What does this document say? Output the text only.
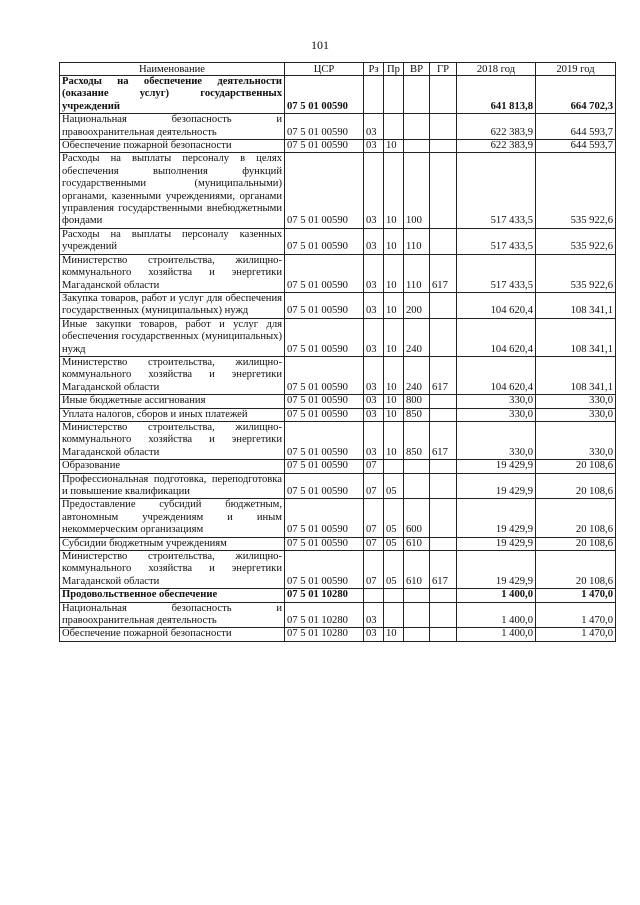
101
Наименование	ЦСР	Рз	Пр	ВР	ГР	2018 год	2019 год
Расходы на обеспечение деятельности (оказание услуг) государственных учреждений	07 5 01 00590					641 813,8	664 702,3
Национальная безопасность и правоохранительная деятельность	07 5 01 00590	03				622 383,9	644 593,7
Обеспечение пожарной безопасности	07 5 01 00590	03	10			622 383,9	644 593,7
Расходы на выплаты персоналу в целях обеспечения выполнения функций государственными (муниципальными) органами, казенными учреждениями, органами управления государственными внебюджетными фондами	07 5 01 00590	03	10	100		517 433,5	535 922,6
Расходы на выплаты персоналу казенных учреждений	07 5 01 00590	03	10	110		517 433,5	535 922,6
Министерство строительства, жилищно-коммунального хозяйства и энергетики Магаданской области	07 5 01 00590	03	10	110	617	517 433,5	535 922,6
Закупка товаров, работ и услуг для обеспечения государственных (муниципальных) нужд	07 5 01 00590	03	10	200		104 620,4	108 341,1
Иные закупки товаров, работ и услуг для обеспечения государственных (муниципальных) нужд	07 5 01 00590	03	10	240		104 620,4	108 341,1
Министерство строительства, жилищно-коммунального хозяйства и энергетики Магаданской области	07 5 01 00590	03	10	240	617	104 620,4	108 341,1
Иные бюджетные ассигнования	07 5 01 00590	03	10	800		330,0	330,0
Уплата налогов, сборов и иных платежей	07 5 01 00590	03	10	850		330,0	330,0
Министерство строительства, жилищно-коммунального хозяйства и энергетики Магаданской области	07 5 01 00590	03	10	850	617	330,0	330,0
Образование	07 5 01 00590	07				19 429,9	20 108,6
Профессиональная подготовка, переподготовка и повышение квалификации	07 5 01 00590	07	05			19 429,9	20 108,6
Предоставление субсидий бюджетным, автономным учреждениям и иным некоммерческим организациям	07 5 01 00590	07	05	600		19 429,9	20 108,6
Субсидии бюджетным учреждениям	07 5 01 00590	07	05	610		19 429,9	20 108,6
Министерство строительства, жилищно-коммунального хозяйства и энергетики Магаданской области	07 5 01 00590	07	05	610	617	19 429,9	20 108,6
Продовольственное обеспечение	07 5 01 10280					1 400,0	1 470,0
Национальная безопасность и правоохранительная деятельность	07 5 01 10280	03				1 400,0	1 470,0
Обеспечение пожарной безопасности	07 5 01 10280	03	10			1 400,0	1 470,0
